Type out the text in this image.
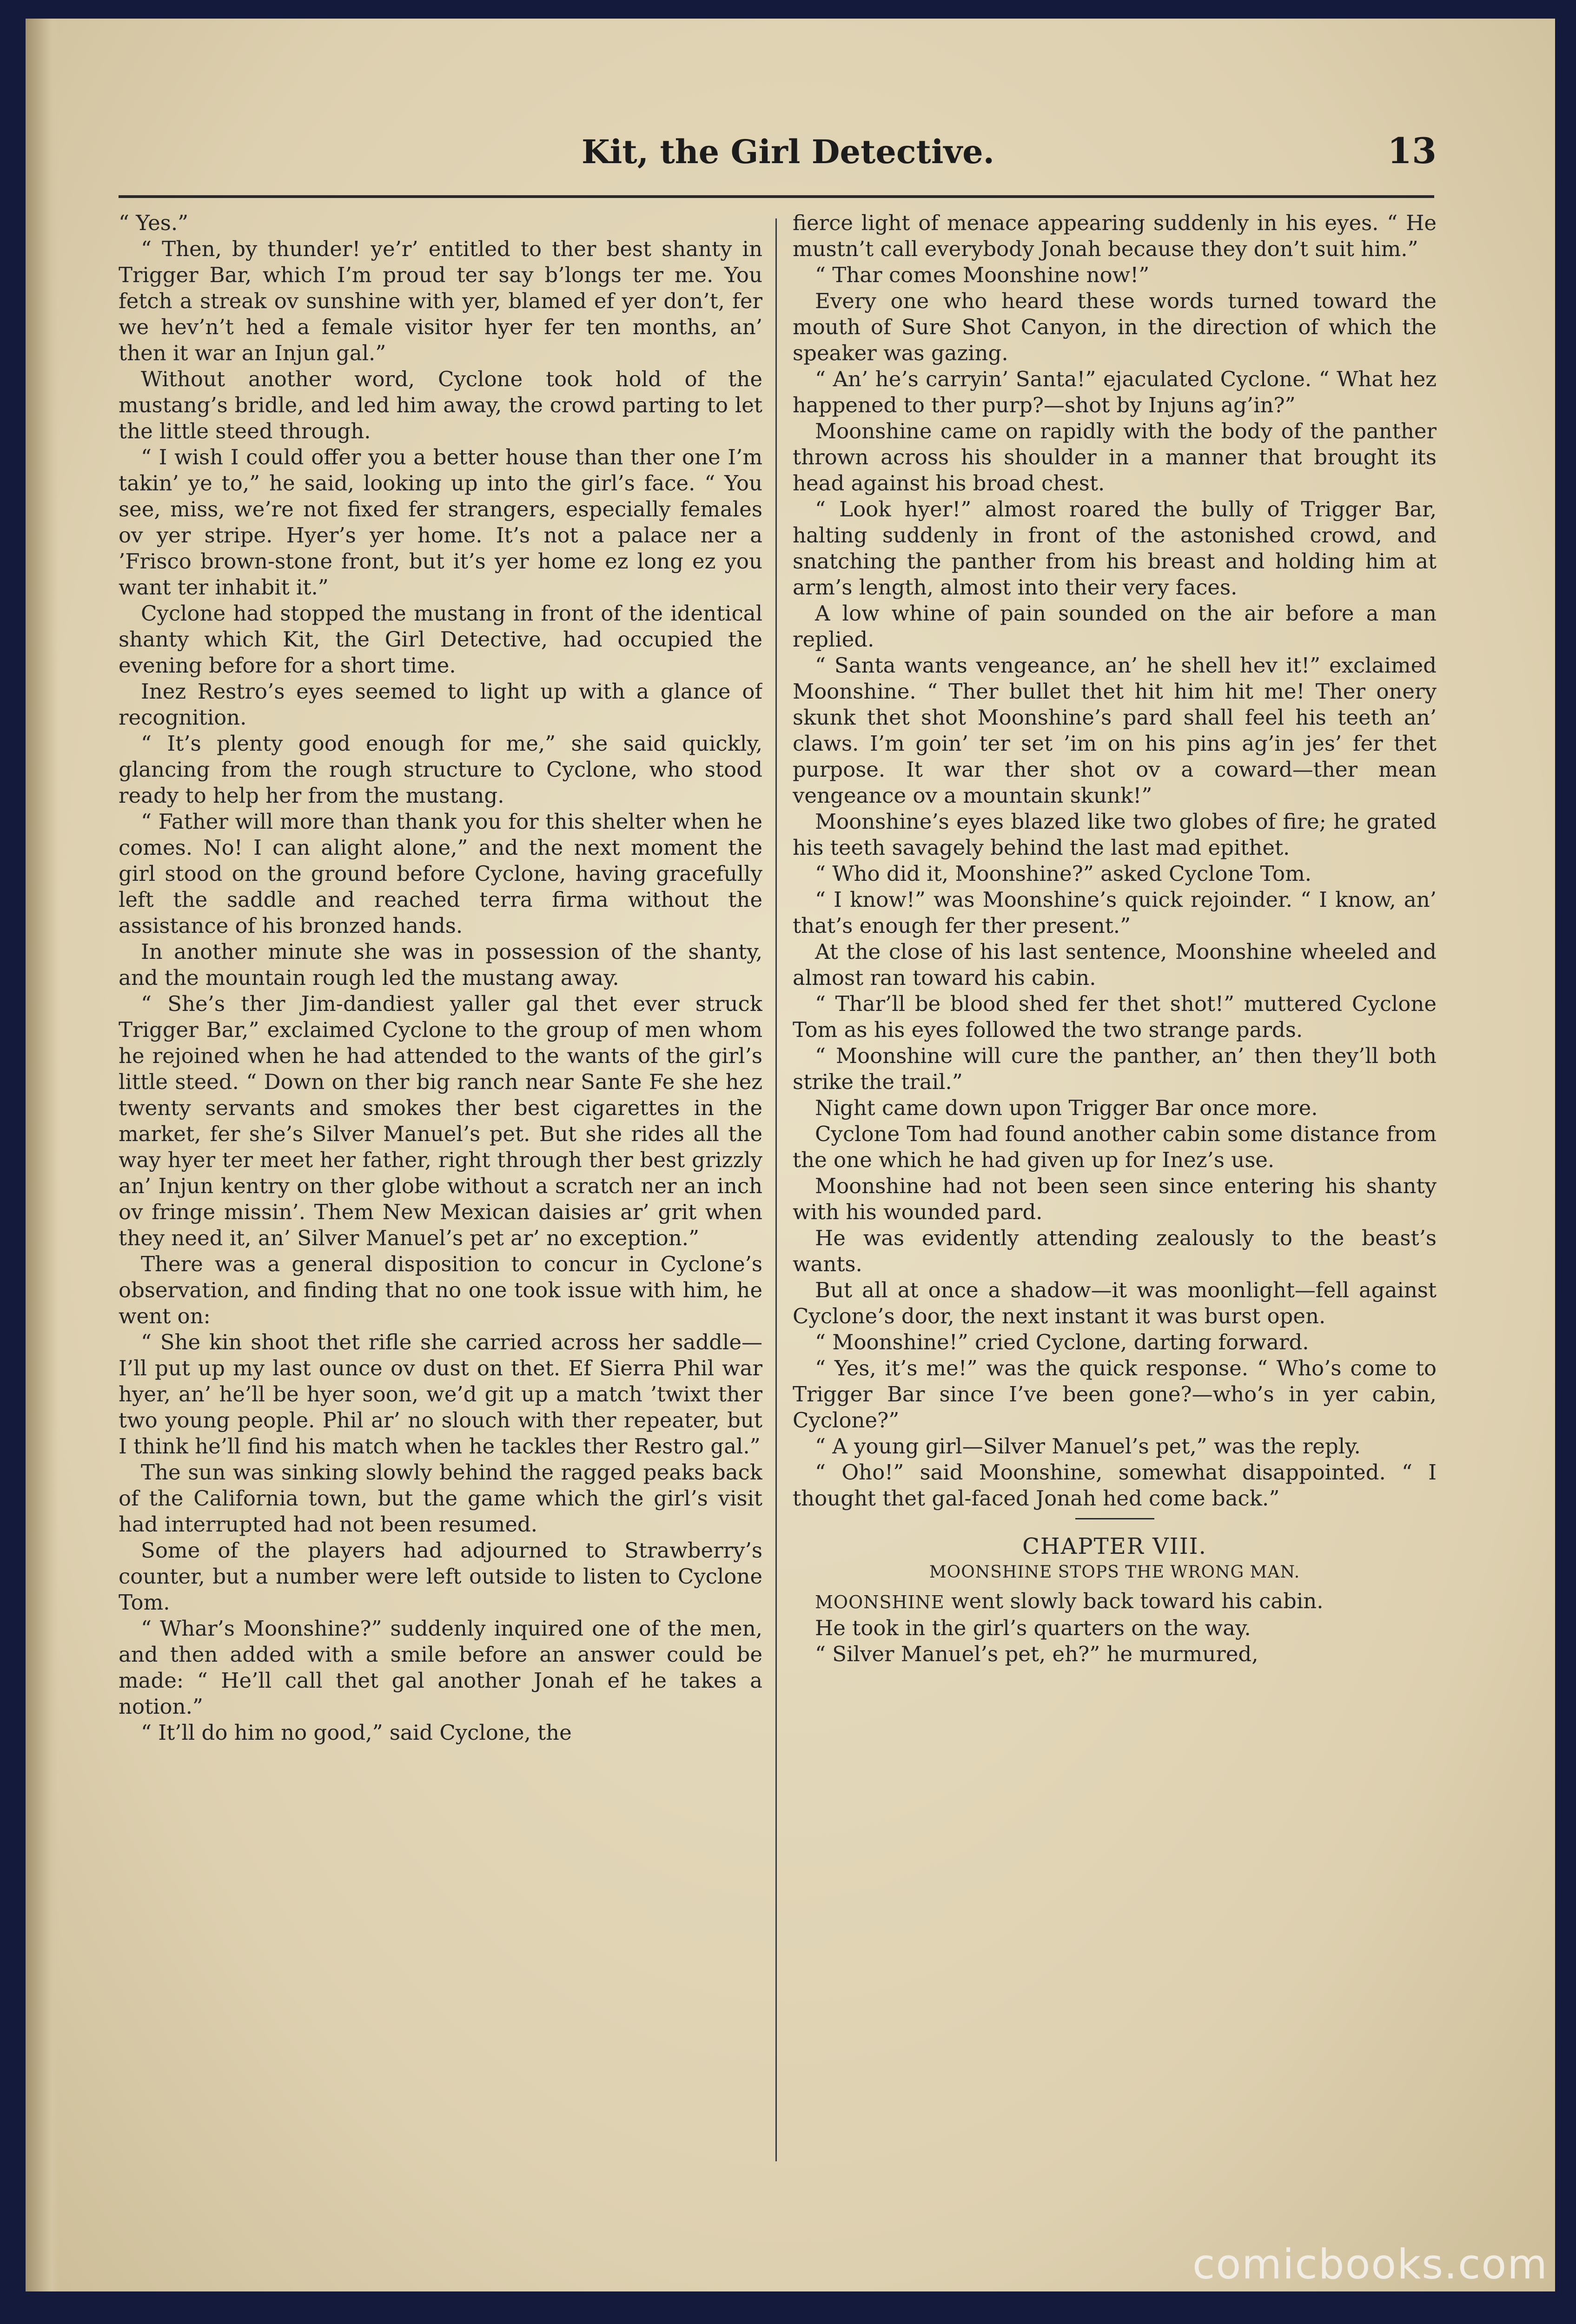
Kit, the Girl Detective.	13

“ Yes.”

“ Then, by thunder! ye’r’ entitled to ther best shanty in Trigger Bar, which I’m proud ter say b’longs ter me. You fetch a streak ov sunshine with yer, blamed ef yer don’t, fer we hev’n’t hed a female visitor hyer fer ten months, an’ then it war an Injun gal.”

Without another word, Cyclone took hold of the mustang’s bridle, and led him away, the crowd parting to let the little steed through.

“ I wish I could offer you a better house than ther one I’m takin’ ye to,” he said, looking up into the girl’s face. “ You see, miss, we’re not fixed fer strangers, especially females ov yer stripe. Hyer’s yer home. It’s not a palace ner a ’Frisco brown-stone front, but it’s yer home ez long ez you want ter inhabit it.”

Cyclone had stopped the mustang in front of the identical shanty which Kit, the Girl Detective, had occupied the evening before for a short time.

Inez Restro’s eyes seemed to light up with a glance of recognition.

“ It’s plenty good enough for me,” she said quickly, glancing from the rough structure to Cyclone, who stood ready to help her from the mustang.

“ Father will more than thank you for this shelter when he comes. No! I can alight alone,” and the next moment the girl stood on the ground before Cyclone, having gracefully left the saddle and reached terra firma without the assistance of his bronzed hands.

In another minute she was in possession of the shanty, and the mountain rough led the mustang away.

“ She’s ther Jim-dandiest yaller gal thet ever struck Trigger Bar,” exclaimed Cyclone to the group of men whom he rejoined when he had attended to the wants of the girl’s little steed. “ Down on ther big ranch near Sante Fe she hez twenty servants and smokes ther best cigarettes in the market, fer she’s Silver Manuel’s pet. But she rides all the way hyer ter meet her father, right through ther best grizzly an’ Injun kentry on ther globe without a scratch ner an inch ov fringe missin’. Them New Mexican daisies ar’ grit when they need it, an’ Silver Manuel’s pet ar’ no exception.”

There was a general disposition to concur in Cyclone’s observation, and finding that no one took issue with him, he went on:

“ She kin shoot thet rifle she carried across her saddle—I’ll put up my last ounce ov dust on thet. Ef Sierra Phil war hyer, an’ he’ll be hyer soon, we’d git up a match ’twixt ther two young people. Phil ar’ no slouch with ther repeater, but I think he’ll find his match when he tackles ther Restro gal.”

The sun was sinking slowly behind the ragged peaks back of the California town, but the game which the girl’s visit had interrupted had not been resumed.

Some of the players had adjourned to Strawberry’s counter, but a number were left outside to listen to Cyclone Tom.

“ Whar’s Moonshine?” suddenly inquired one of the men, and then added with a smile before an answer could be made: “ He’ll call thet gal another Jonah ef he takes a notion.”

“ It’ll do him no good,” said Cyclone, the

fierce light of menace appearing suddenly in his eyes. “ He mustn’t call everybody Jonah because they don’t suit him.”

“ Thar comes Moonshine now!”

Every one who heard these words turned toward the mouth of Sure Shot Canyon, in the direction of which the speaker was gazing.

“ An’ he’s carryin’ Santa!” ejaculated Cyclone. “ What hez happened to ther purp?—shot by Injuns ag’in?”

Moonshine came on rapidly with the body of the panther thrown across his shoulder in a manner that brought its head against his broad chest.

“ Look hyer!” almost roared the bully of Trigger Bar, halting suddenly in front of the astonished crowd, and snatching the panther from his breast and holding him at arm’s length, almost into their very faces.

A low whine of pain sounded on the air before a man replied.

“ Santa wants vengeance, an’ he shell hev it!” exclaimed Moonshine. “ Ther bullet thet hit him hit me! Ther onery skunk thet shot Moonshine’s pard shall feel his teeth an’ claws. I’m goin’ ter set ’im on his pins ag’in jes’ fer thet purpose. It war ther shot ov a coward—ther mean vengeance ov a mountain skunk!”

Moonshine’s eyes blazed like two globes of fire; he grated his teeth savagely behind the last mad epithet.

“ Who did it, Moonshine?” asked Cyclone Tom.

“ I know!” was Moonshine’s quick rejoinder. “ I know, an’ that’s enough fer ther present.”

At the close of his last sentence, Moonshine wheeled and almost ran toward his cabin.

“ Thar’ll be blood shed fer thet shot!” muttered Cyclone Tom as his eyes followed the two strange pards.

“ Moonshine will cure the panther, an’ then they’ll both strike the trail.”

Night came down upon Trigger Bar once more.

Cyclone Tom had found another cabin some distance from the one which he had given up for Inez’s use.

Moonshine had not been seen since entering his shanty with his wounded pard.

He was evidently attending zealously to the beast’s wants.

But all at once a shadow—it was moonlight—fell against Cyclone’s door, the next instant it was burst open.

“ Moonshine!” cried Cyclone, darting forward.

“ Yes, it’s me!” was the quick response. “ Who’s come to Trigger Bar since I’ve been gone?—who’s in yer cabin, Cyclone?”

“ A young girl—Silver Manuel’s pet,” was the reply.

“ Oho!” said Moonshine, somewhat disappointed. “ I thought thet gal-faced Jonah hed come back.”

CHAPTER VIII.
MOONSHINE STOPS THE WRONG MAN.

MOONSHINE went slowly back toward his cabin.

He took in the girl’s quarters on the way.

“ Silver Manuel’s pet, eh?” he murmured,

comicbooks.com
